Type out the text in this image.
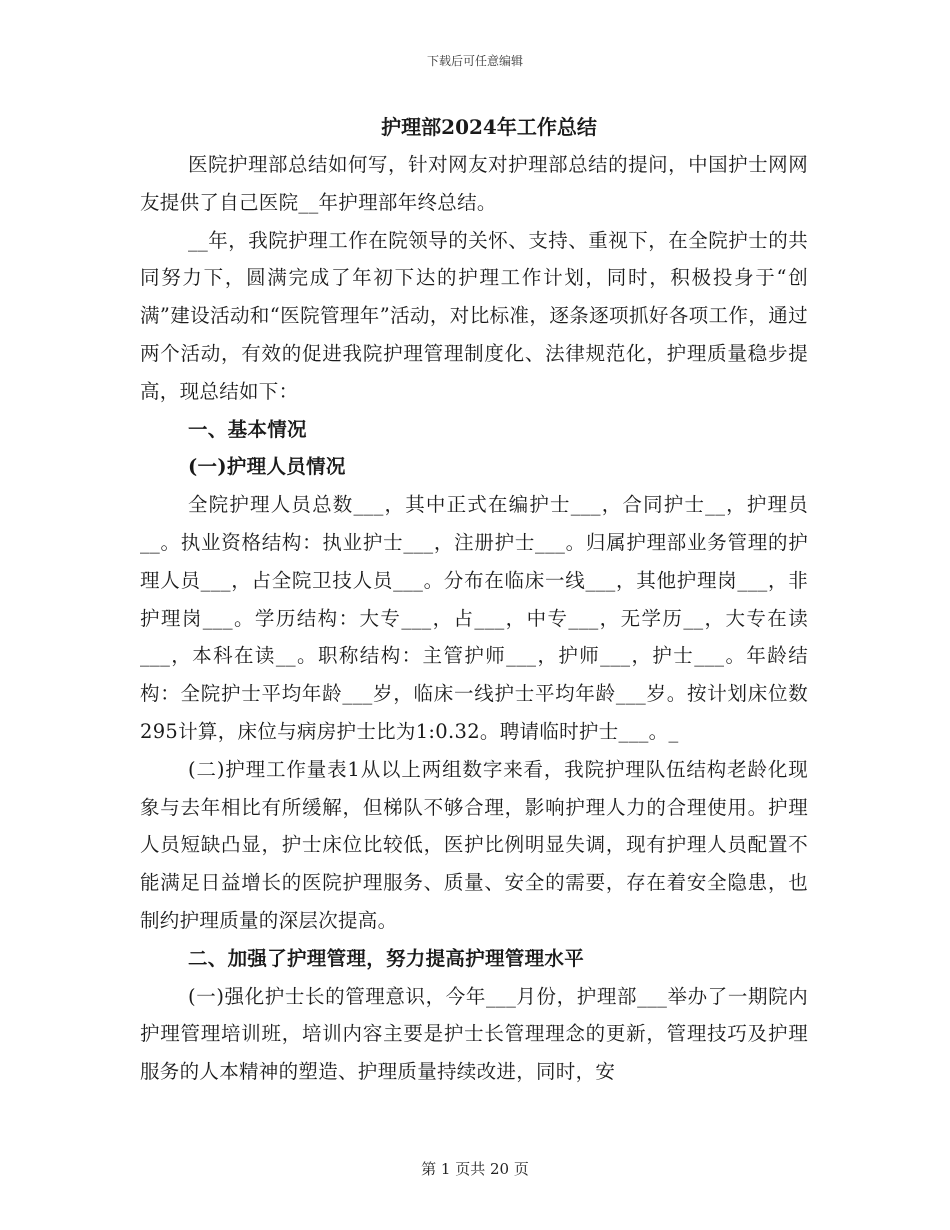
下载后可任意编辑
护理部2024年工作总结

医院护理部总结如何写，针对网友对护理部总结的提问，中国护士网网友提供了自己医院__年护理部年终总结。

__年，我院护理工作在院领导的关怀、支持、重视下，在全院护士的共同努力下，圆满完成了年初下达的护理工作计划，同时，积极投身于“创满”建设活动和“医院管理年”活动，对比标准，逐条逐项抓好各项工作，通过两个活动，有效的促进我院护理管理制度化、法律规范化，护理质量稳步提高，现总结如下：

一、基本情况

(一)护理人员情况

全院护理人员总数___，其中正式在编护士___，合同护士__，护理员__。执业资格结构：执业护士___，注册护士___。归属护理部业务管理的护理人员___，占全院卫技人员___。分布在临床一线___，其他护理岗___，非护理岗___。学历结构：大专___，占___，中专___，无学历__，大专在读___，本科在读__。职称结构：主管护师___，护师___，护士___。年龄结构：全院护士平均年龄___岁，临床一线护士平均年龄___岁。按计划床位数295计算，床位与病房护士比为1:0.32。聘请临时护士___。_

(二)护理工作量表1从以上两组数字来看，我院护理队伍结构老龄化现象与去年相比有所缓解，但梯队不够合理，影响护理人力的合理使用。护理人员短缺凸显，护士床位比较低，医护比例明显失调，现有护理人员配置不能满足日益增长的医院护理服务、质量、安全的需要，存在着安全隐患，也制约护理质量的深层次提高。

二、加强了护理管理，努力提高护理管理水平

(一)强化护士长的管理意识，今年___月份，护理部___举办了一期院内护理管理培训班，培训内容主要是护士长管理理念的更新，管理技巧及护理服务的人本精神的塑造、护理质量持续改进，同时，安

第 1 页共 20 页
